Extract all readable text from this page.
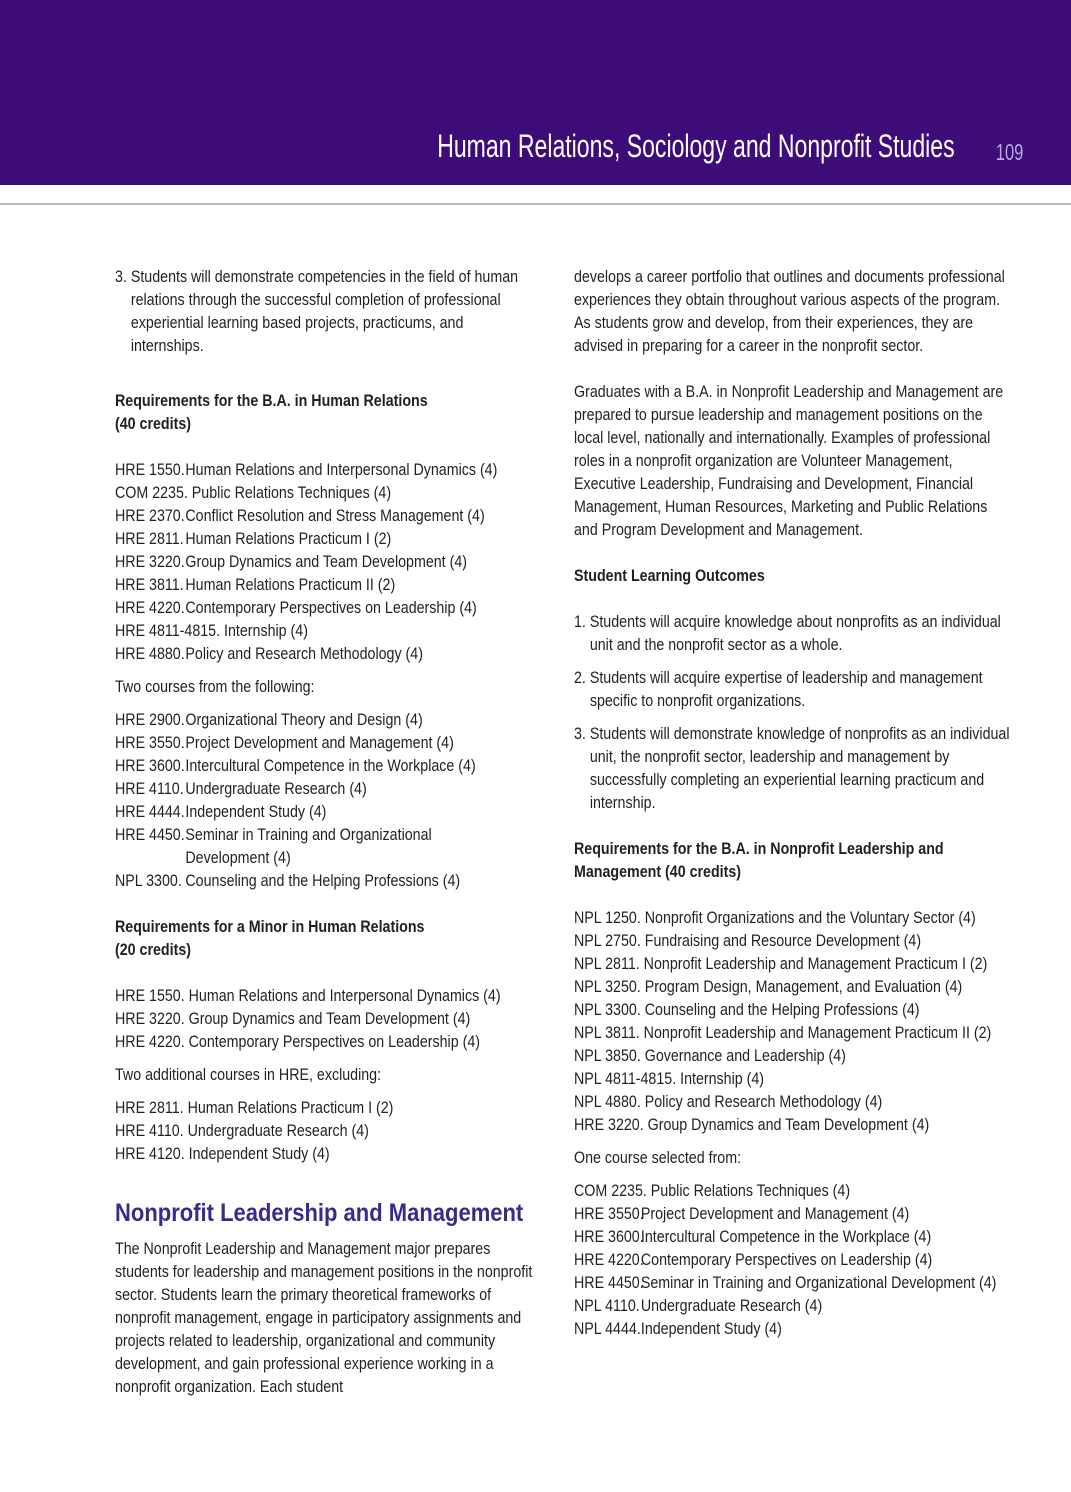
Human Relations, Sociology and Nonprofit Studies 109

3. Students will demonstrate competencies in the field of human relations through the successful completion of professional experiential learning based projects, practicums, and internships.

Requirements for the B.A. in Human Relations
(40 credits)

HRE 1550.Human Relations and Interpersonal Dynamics (4)
COM 2235. Public Relations Techniques (4)
HRE 2370.Conflict Resolution and Stress Management (4)
HRE 2811. Human Relations Practicum I (2)
HRE 3220.Group Dynamics and Team Development (4)
HRE 3811. Human Relations Practicum II (2)
HRE 4220.Contemporary Perspectives on Leadership (4)
HRE 4811-4815. Internship (4)
HRE 4880.Policy and Research Methodology (4)

Two courses from the following:

HRE 2900.Organizational Theory and Design (4)
HRE 3550.Project Development and Management (4)
HRE 3600.Intercultural Competence in the Workplace (4)
HRE 4110. Undergraduate Research (4)
HRE 4444.Independent Study (4)
HRE 4450.Seminar in Training and Organizational
Development (4)
NPL 3300. Counseling and the Helping Professions (4)

Requirements for a Minor in Human Relations
(20 credits)

HRE 1550. Human Relations and Interpersonal Dynamics (4)
HRE 3220. Group Dynamics and Team Development (4)
HRE 4220. Contemporary Perspectives on Leadership (4)

Two additional courses in HRE, excluding:

HRE 2811. Human Relations Practicum I (2)
HRE 4110. Undergraduate Research (4)
HRE 4120. Independent Study (4)

Nonprofit Leadership and Management

The Nonprofit Leadership and Management major prepares students for leadership and management positions in the nonprofit sector. Students learn the primary theoretical frameworks of nonprofit management, engage in participatory assignments and projects related to leadership, organizational and community development, and gain professional experience working in a nonprofit organization. Each student

develops a career portfolio that outlines and documents professional experiences they obtain throughout various aspects of the program. As students grow and develop, from their experiences, they are advised in preparing for a career in the nonprofit sector.

Graduates with a B.A. in Nonprofit Leadership and Management are prepared to pursue leadership and management positions on the local level, nationally and internationally. Examples of professional roles in a nonprofit organization are Volunteer Management, Executive Leadership, Fundraising and Development, Financial Management, Human Resources, Marketing and Public Relations and Program Development and Management.

Student Learning Outcomes

1. Students will acquire knowledge about nonprofits as an individual unit and the nonprofit sector as a whole.

2. Students will acquire expertise of leadership and management specific to nonprofit organizations.

3. Students will demonstrate knowledge of nonprofits as an individual unit, the nonprofit sector, leadership and management by successfully completing an experiential learning practicum and internship.

Requirements for the B.A. in Nonprofit Leadership and Management (40 credits)

NPL 1250. Nonprofit Organizations and the Voluntary Sector (4)
NPL 2750. Fundraising and Resource Development (4)
NPL 2811. Nonprofit Leadership and Management Practicum I (2)
NPL 3250. Program Design, Management, and Evaluation (4)
NPL 3300. Counseling and the Helping Professions (4)
NPL 3811. Nonprofit Leadership and Management Practicum II (2)
NPL 3850. Governance and Leadership (4)
NPL 4811-4815. Internship (4)
NPL 4880. Policy and Research Methodology (4)
HRE 3220. Group Dynamics and Team Development (4)

One course selected from:

COM 2235. Public Relations Techniques (4)
HRE 3550.Project Development and Management (4)
HRE 3600.Intercultural Competence in the Workplace (4)
HRE 4220.Contemporary Perspectives on Leadership (4)
HRE 4450.Seminar in Training and Organizational Development (4)
NPL 4110.Undergraduate Research (4)
NPL 4444.Independent Study (4)
